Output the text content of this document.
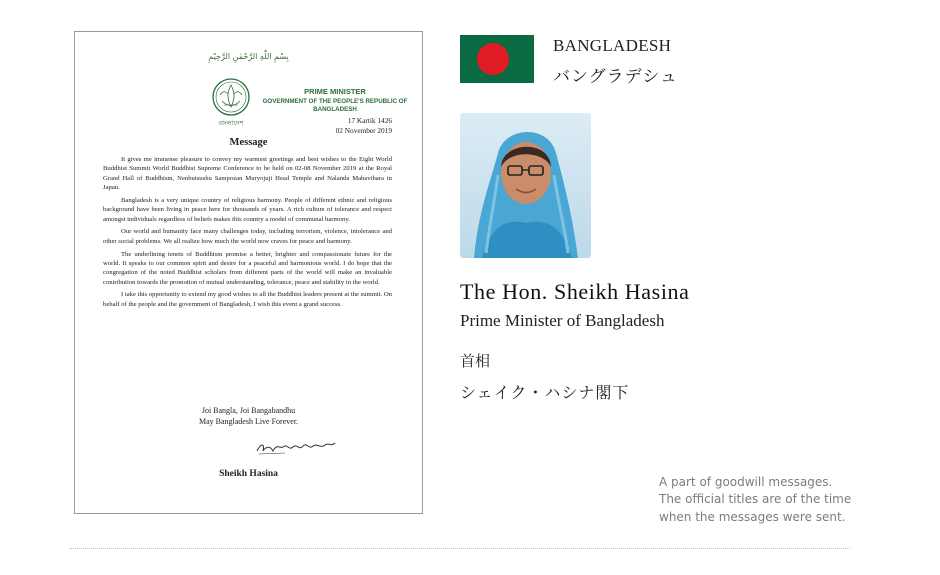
بِسْمِ اللّٰهِ الرَّحْمٰنِ الرَّحِيْمِ
বাংলাদেশ
PRIME MINISTER
GOVERNMENT OF THE PEOPLE'S REPUBLIC OF BANGLADESH
17 Kartik 1426
02 November 2019
Message

It gives me immense pleasure to convey my warmest greetings and best wishes to the Eight World Buddhist Summit World Buddhist Supreme Conference to be held on 02-08 November 2019 at the Royal Grand Hall of Buddhism, Nenbutsushu Sampozan Muryojuji Head Temple and Nalanda Mahavihara in Japan.

Bangladesh is a very unique country of religious harmony. People of different ethnic and religious background have been living in peace here for thousands of years. A rich culture of tolerance and respect amongst individuals regardless of beliefs makes this country a model of communal harmony.

Our world and humanity face many challenges today, including terrorism, violence, intolerance and other social problems. We all realize how much the world now craves for peace and harmony.

The underlining tenets of Buddhism promise a better, brighter and compassionate future for the world. It speaks to our common spirit and desire for a peaceful and harmonious world. I do hope that the congregation of the noted Buddhist scholars from different parts of the world will make an invaluable contribution towards the promotion of mutual understanding, tolerance, peace and stability in the world.

I take this opportunity to extend my good wishes to all the Buddhist leaders present at the summit. On behalf of the people and the government of Bangladesh, I wish this event a grand success.

Joi Bangla, Joi Bangabandhu
May Bangladesh Live Forever.
Sheikh Hasina
BANGLADESH
バングラデシュ
The Hon. Sheikh Hasina
Prime Minister of Bangladesh
首相
シェイク・ハシナ閣下
A part of goodwill messages.
The official titles are of the time
when the messages were sent.
